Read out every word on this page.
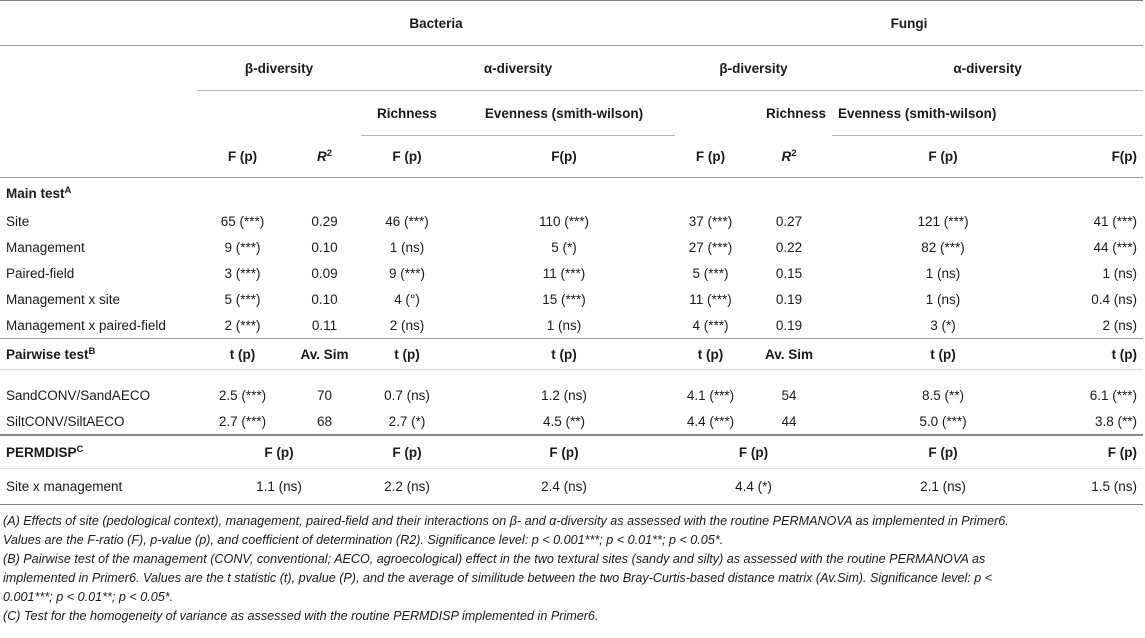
	Bacteria				Fungi			
	β-diversity		α-diversity		β-diversity		α-diversity	
			Richness	Evenness (smith-wilson)		Richness	Evenness (smith-wilson)	
	F (p)	$R^2$	F (p)	F(p)	F (p)	$R^2$	F (p)	F(p)
Main test$^A$								
Site	65 (***)	0.29	46 (***)	110 (***)	37 (***)	0.27	121 (***)	41 (***)
Management	9 (***)	0.10	1 (ns)	5 (*)	27 (***)	0.22	82 (***)	44 (***)
Paired-field	3 (***)	0.09	9 (***)	11 (***)	5 (***)	0.15	1 (ns)	1 (ns)
Management x site	5 (***)	0.10	4 (°)	15 (***)	11 (***)	0.19	1 (ns)	0.4 (ns)
Management x paired-field	2 (***)	0.11	2 (ns)	1 (ns)	4 (***)	0.19	3 (*)	2 (ns)
Pairwise test$^B$	t (p)	Av. Sim	t (p)	t (p)	t (p)	Av. Sim	t (p)	t (p)

SandCONV/SandAECO	2.5 (***)	70	0.7 (ns)	1.2 (ns)	4.1 (***)	54	8.5 (**)	6.1 (***)
SiltCONV/SiltAECO	2.7 (***)	68	2.7 (*)	4.5 (**)	4.4 (***)	44	5.0 (***)	3.8 (**)
$PERMDISP^C$	F (p)		F (p)	F (p)	F (p)		F (p)	F (p)
Site x management	1.1 (ns)		2.2 (ns)	2.4 (ns)	4.4 (*)		2.1 (ns)	1.5 (ns)

(A) Effects of site (pedological context), management, paired-field and their interactions on β- and α-diversity as assessed with the routine PERMANOVA as implemented in Primer6.

Values are the F-ratio (F), p-value (p), and coefficient of determination (R2). Significance level: p < 0.001***; p < 0.01**; p < 0.05*.

(B) Pairwise test of the management (CONV, conventional; AECO, agroecological) effect in the two textural sites (sandy and silty) as assessed with the routine PERMANOVA as

implemented in Primer6. Values are the t statistic (t), pvalue (P), and the average of similitude between the two Bray-Curtis-based distance matrix (Av.Sim). Significance level: p <

0.001***; p < 0.01**; p < 0.05*.

(C) Test for the homogeneity of variance as assessed with the routine PERMDISP implemented in Primer6.
